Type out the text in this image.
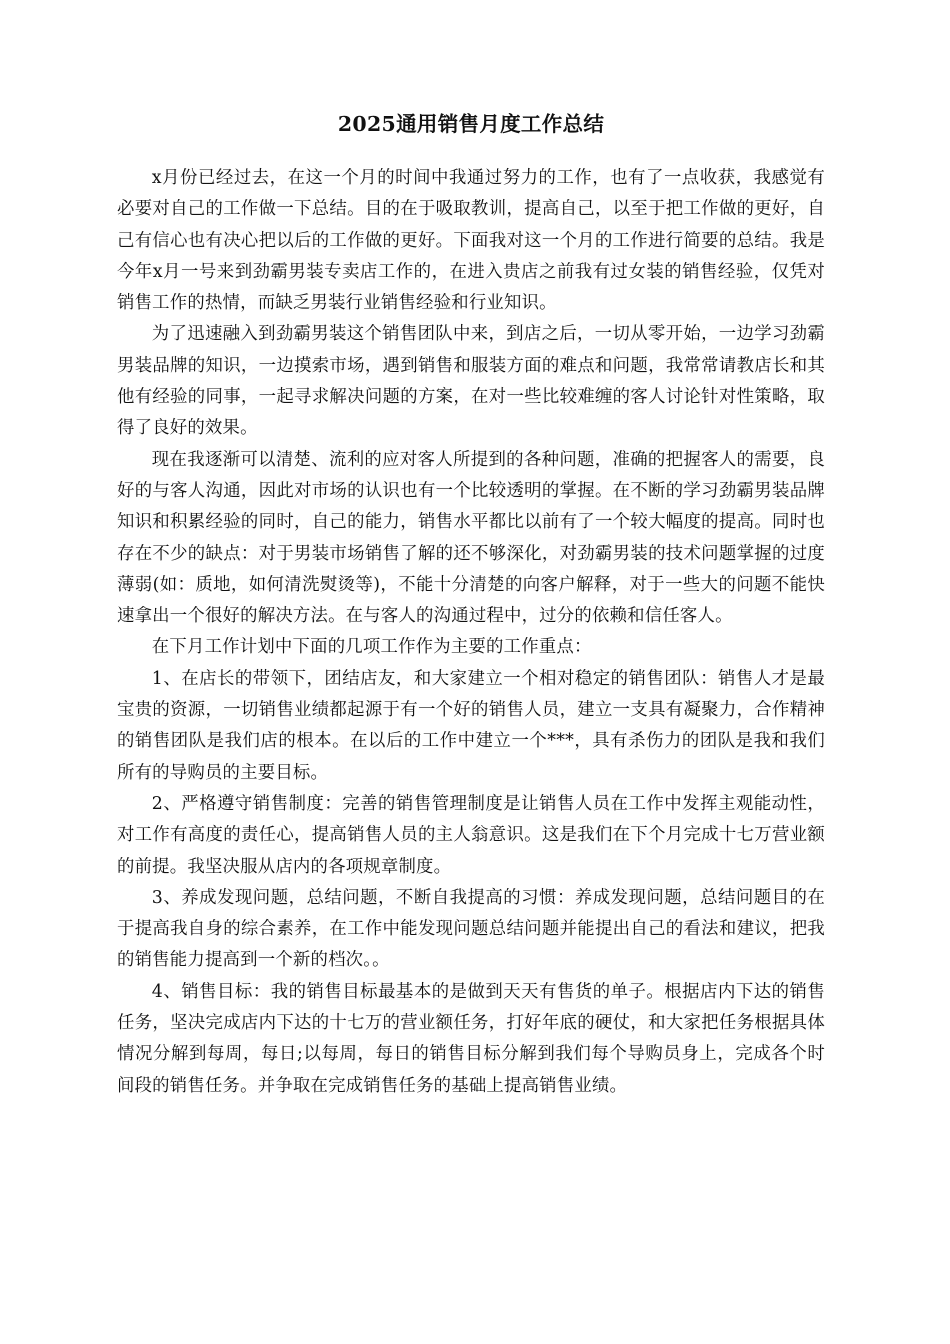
2025通用销售月度工作总结

x月份已经过去，在这一个月的时间中我通过努力的工作，也有了一点收获，我感觉有必要对自己的工作做一下总结。目的在于吸取教训，提高自己，以至于把工作做的更好，自己有信心也有决心把以后的工作做的更好。下面我对这一个月的工作进行简要的总结。我是今年x月一号来到劲霸男装专卖店工作的，在进入贵店之前我有过女装的销售经验，仅凭对销售工作的热情，而缺乏男装行业销售经验和行业知识。

为了迅速融入到劲霸男装这个销售团队中来，到店之后，一切从零开始，一边学习劲霸男装品牌的知识，一边摸索市场，遇到销售和服装方面的难点和问题，我常常请教店长和其他有经验的同事，一起寻求解决问题的方案，在对一些比较难缠的客人讨论针对性策略，取得了良好的效果。

现在我逐渐可以清楚、流利的应对客人所提到的各种问题，准确的把握客人的需要，良好的与客人沟通，因此对市场的认识也有一个比较透明的掌握。在不断的学习劲霸男装品牌知识和积累经验的同时，自己的能力，销售水平都比以前有了一个较大幅度的提高。同时也存在不少的缺点：对于男装市场销售了解的还不够深化，对劲霸男装的技术问题掌握的过度薄弱(如：质地，如何清洗熨烫等)，不能十分清楚的向客户解释，对于一些大的问题不能快速拿出一个很好的解决方法。在与客人的沟通过程中，过分的依赖和信任客人。

在下月工作计划中下面的几项工作作为主要的工作重点：

1、在店长的带领下，团结店友，和大家建立一个相对稳定的销售团队：销售人才是最宝贵的资源，一切销售业绩都起源于有一个好的销售人员，建立一支具有凝聚力，合作精神的销售团队是我们店的根本。在以后的工作中建立一个***，具有杀伤力的团队是我和我们所有的导购员的主要目标。

2、严格遵守销售制度：完善的销售管理制度是让销售人员在工作中发挥主观能动性，对工作有高度的责任心，提高销售人员的主人翁意识。这是我们在下个月完成十七万营业额的前提。我坚决服从店内的各项规章制度。

3、养成发现问题，总结问题，不断自我提高的习惯：养成发现问题，总结问题目的在于提高我自身的综合素养，在工作中能发现问题总结问题并能提出自己的看法和建议，把我的销售能力提高到一个新的档次。。

4、销售目标：我的销售目标最基本的是做到天天有售货的单子。根据店内下达的销售任务，坚决完成店内下达的十七万的营业额任务，打好年底的硬仗，和大家把任务根据具体情况分解到每周，每日;以每周，每日的销售目标分解到我们每个导购员身上，完成各个时间段的销售任务。并争取在完成销售任务的基础上提高销售业绩。
